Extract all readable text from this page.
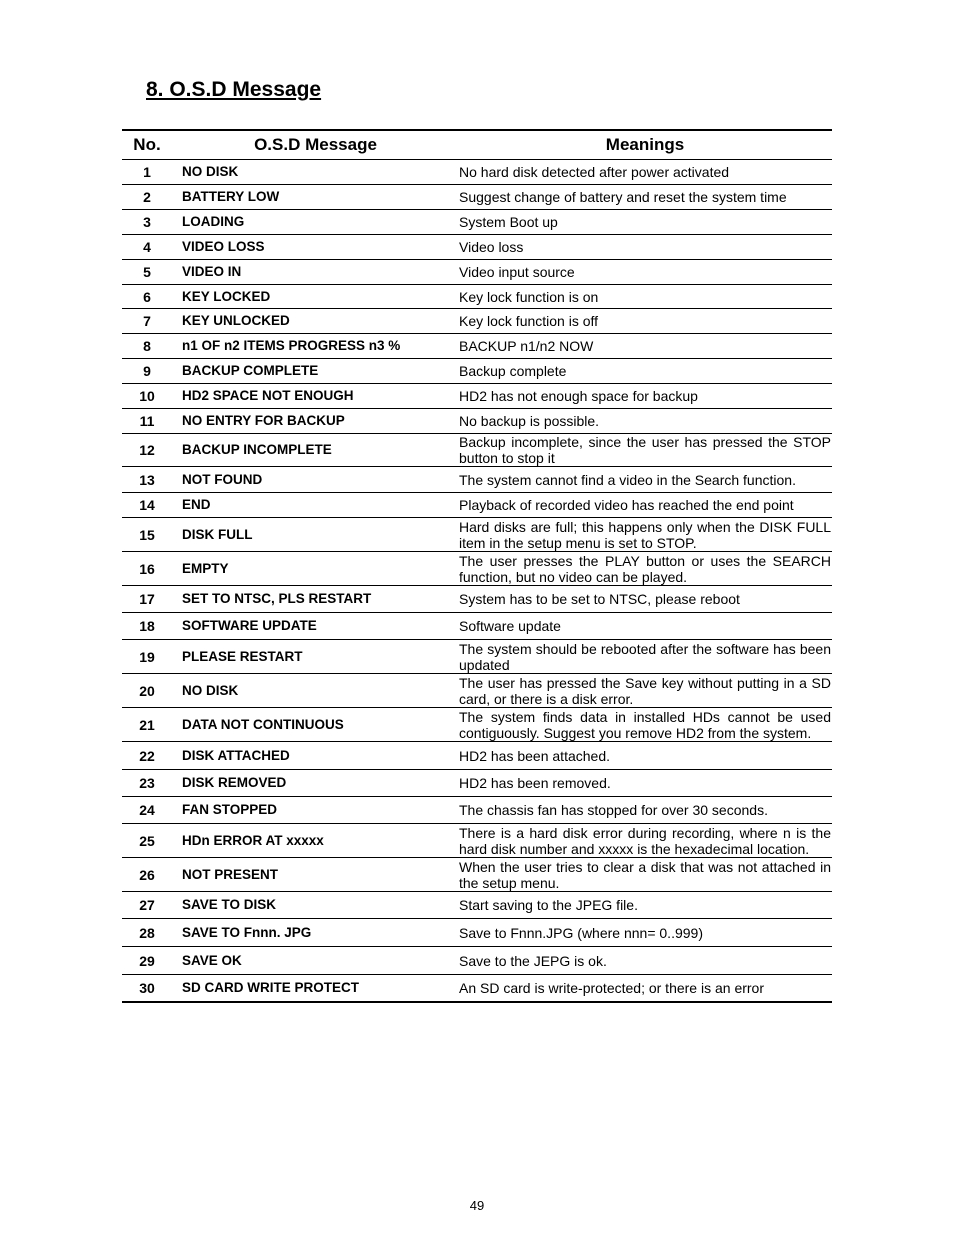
8. O.S.D Message
No.	O.S.D Message	Meanings
1	NO DISK	No hard disk detected after power activated
2	BATTERY LOW	Suggest change of battery and reset the system time
3	LOADING	System Boot up
4	VIDEO LOSS	Video loss
5	VIDEO IN	Video input source
6	KEY LOCKED	Key lock function is on
7	KEY UNLOCKED	Key lock function is off
8	n1 OF n2 ITEMS PROGRESS n3 %	BACKUP n1/n2 NOW
9	BACKUP COMPLETE	Backup complete
10	HD2 SPACE NOT ENOUGH	HD2 has not enough space for backup
11	NO ENTRY FOR BACKUP	No backup is possible.
12	BACKUP INCOMPLETE	Backup incomplete, since the user has pressed the STOP button to stop it
13	NOT FOUND	The system cannot find a video in the Search function.
14	END	Playback of recorded video has reached the end point
15	DISK FULL	Hard disks are full; this happens only when the DISK FULL item in the setup menu is set to STOP.
16	EMPTY	The user presses the PLAY button or uses the SEARCH function, but no video can be played.
17	SET TO NTSC, PLS RESTART	System has to be set to NTSC, please reboot
18	SOFTWARE UPDATE	Software update
19	PLEASE RESTART	The system should be rebooted after the software has been updated
20	NO DISK	The user has pressed the Save key without putting in a SD card, or there is a disk error.
21	DATA NOT CONTINUOUS	The system finds data in installed HDs cannot be used contiguously. Suggest you remove HD2 from the system.
22	DISK ATTACHED	HD2 has been attached.
23	DISK REMOVED	HD2 has been removed.
24	FAN STOPPED	The chassis fan has stopped for over 30 seconds.
25	HDn ERROR AT xxxxx	There is a hard disk error during recording, where n is the hard disk number and xxxxx is the hexadecimal location.
26	NOT PRESENT	When the user tries to clear a disk that was not attached in the setup menu.
27	SAVE TO DISK	Start saving to the JPEG file.
28	SAVE TO Fnnn. JPG	Save to Fnnn.JPG (where nnn= 0..999)
29	SAVE OK	Save to the JEPG is ok.
30	SD CARD WRITE PROTECT	An SD card is write-protected; or there is an error
49
